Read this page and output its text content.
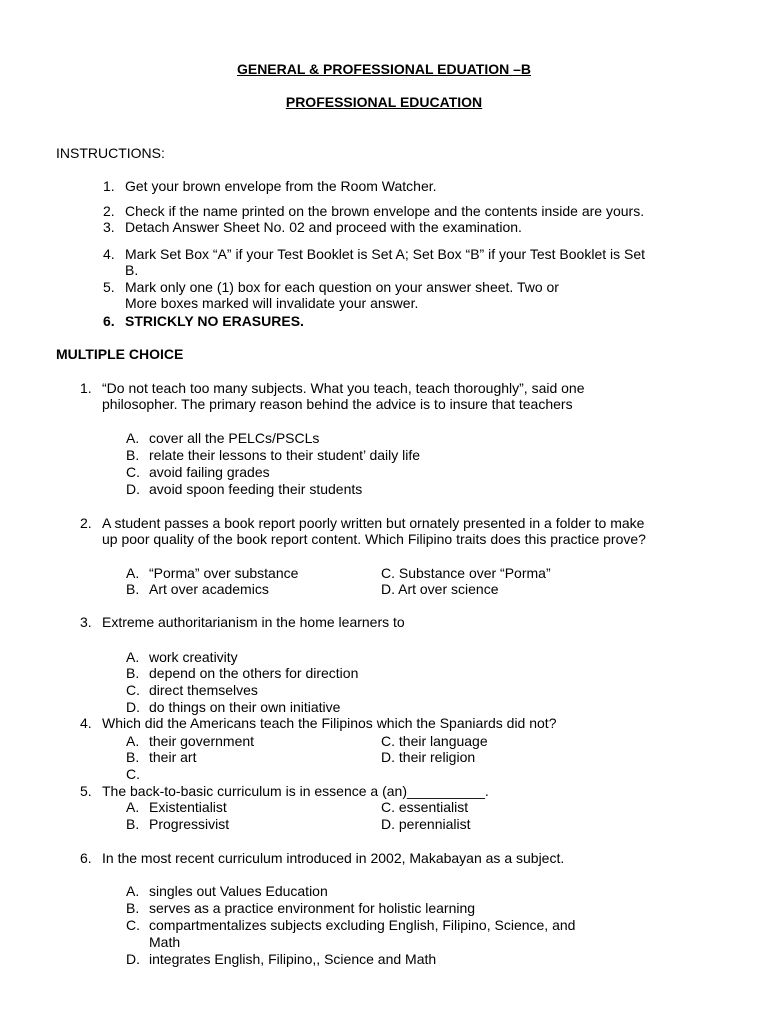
GENERAL & PROFESSIONAL EDUATION –B
PROFESSIONAL EDUCATION
INSTRUCTIONS:
1. Get your brown envelope from the Room Watcher.
2. Check if the name printed on the brown envelope and the contents inside are yours.
3. Detach Answer Sheet No. 02 and proceed with the examination.
4. Mark Set Box “A” if your Test Booklet is Set A; Set Box “B” if your Test Booklet is Set
B.
5. Mark only one (1) box for each question on your answer sheet. Two or
More boxes marked will invalidate your answer.
6. STRICKLY NO ERASURES.
MULTIPLE CHOICE
1. “Do not teach too many subjects. What you teach, teach thoroughly”, said one
philosopher. The primary reason behind the advice is to insure that teachers
A. cover all the PELCs/PSCLs
B. relate their lessons to their student’ daily life
C. avoid failing grades
D. avoid spoon feeding their students
2. A student passes a book report poorly written but ornately presented in a folder to make
up poor quality of the book report content. Which Filipino traits does this practice prove?
A. “Porma” over substance	C. Substance over “Porma”
B. Art over academics	D. Art over science
3. Extreme authoritarianism in the home learners to
A. work creativity
B. depend on the others for direction
C. direct themselves
D. do things on their own initiative
4. Which did the Americans teach the Filipinos which the Spaniards did not?
A. their government	C. their language
B. their art	D. their religion
C.
5. The back-to-basic curriculum is in essence a (an)__________.
A. Existentialist	C. essentialist
B. Progressivist	D. perennialist
6. In the most recent curriculum introduced in 2002, Makabayan as a subject.
A. singles out Values Education
B. serves as a practice environment for holistic learning
C. compartmentalizes subjects excluding English, Filipino, Science, and
Math
D. integrates English, Filipino,, Science and Math
